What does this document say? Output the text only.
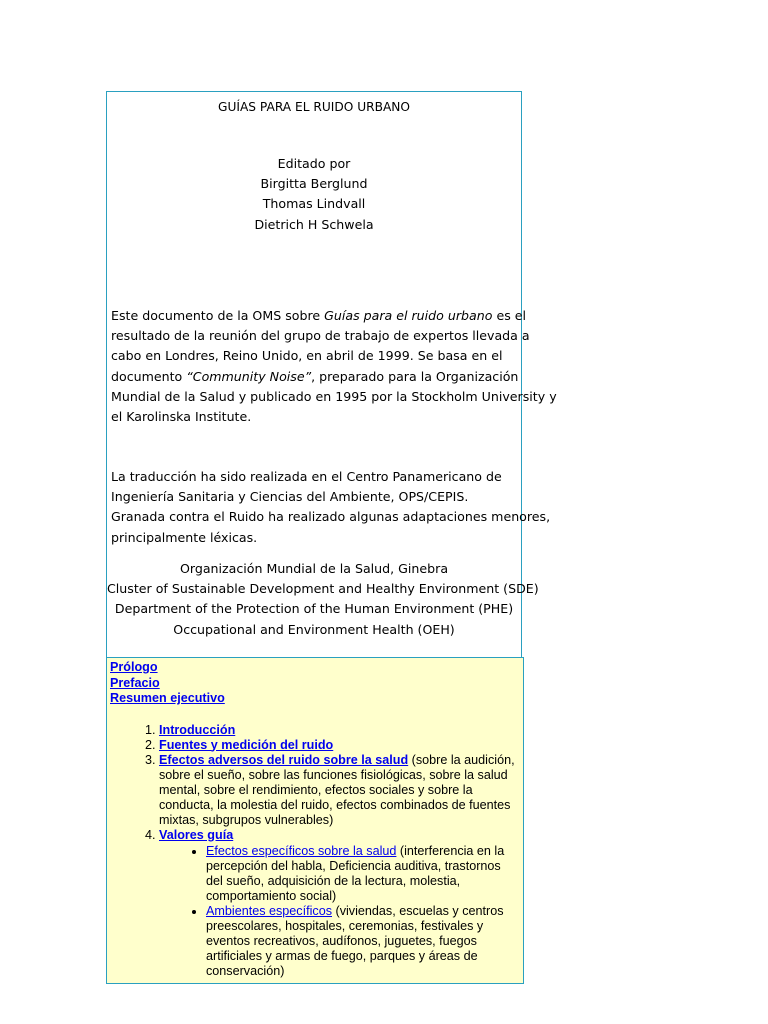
GUÍAS PARA EL RUIDO URBANO
Editado por
Birgitta Berglund
Thomas Lindvall
Dietrich H Schwela
Este documento de la OMS sobre Guías para el ruido urbano es el
resultado de la reunión del grupo de trabajo de expertos llevada a
cabo en Londres, Reino Unido, en abril de 1999. Se basa en el
documento “Community Noise”, preparado para la Organización
Mundial de la Salud y publicado en 1995 por la Stockholm University y
el Karolinska Institute.
La traducción ha sido realizada en el Centro Panamericano de
Ingeniería Sanitaria y Ciencias del Ambiente, OPS/CEPIS.
Granada contra el Ruido ha realizado algunas adaptaciones menores,
principalmente léxicas.
Organización Mundial de la Salud, Ginebra
Cluster of Sustainable Development and Healthy Environment (SDE)
Department of the Protection of the Human Environment (PHE)
Occupational and Environment Health (OEH)
Prólogo
Prefacio
Resumen ejecutivo
1. Introducción
2. Fuentes y medición del ruido
3. Efectos adversos del ruido sobre la salud (sobre la audición, sobre el sueño, sobre las funciones fisiológicas, sobre la salud mental, sobre el rendimiento, efectos sociales y sobre la conducta, la molestia del ruido, efectos combinados de fuentes mixtas, subgrupos vulnerables)
4. Valores guía
• Efectos específicos sobre la salud (interferencia en la percepción del habla, Deficiencia auditiva, trastornos del sueño, adquisición de la lectura, molestia, comportamiento social)
• Ambientes específicos (viviendas, escuelas y centros preescolares, hospitales, ceremonias, festivales y eventos recreativos, audífonos, juguetes, fuegos artificiales y armas de fuego, parques y áreas de conservación)
